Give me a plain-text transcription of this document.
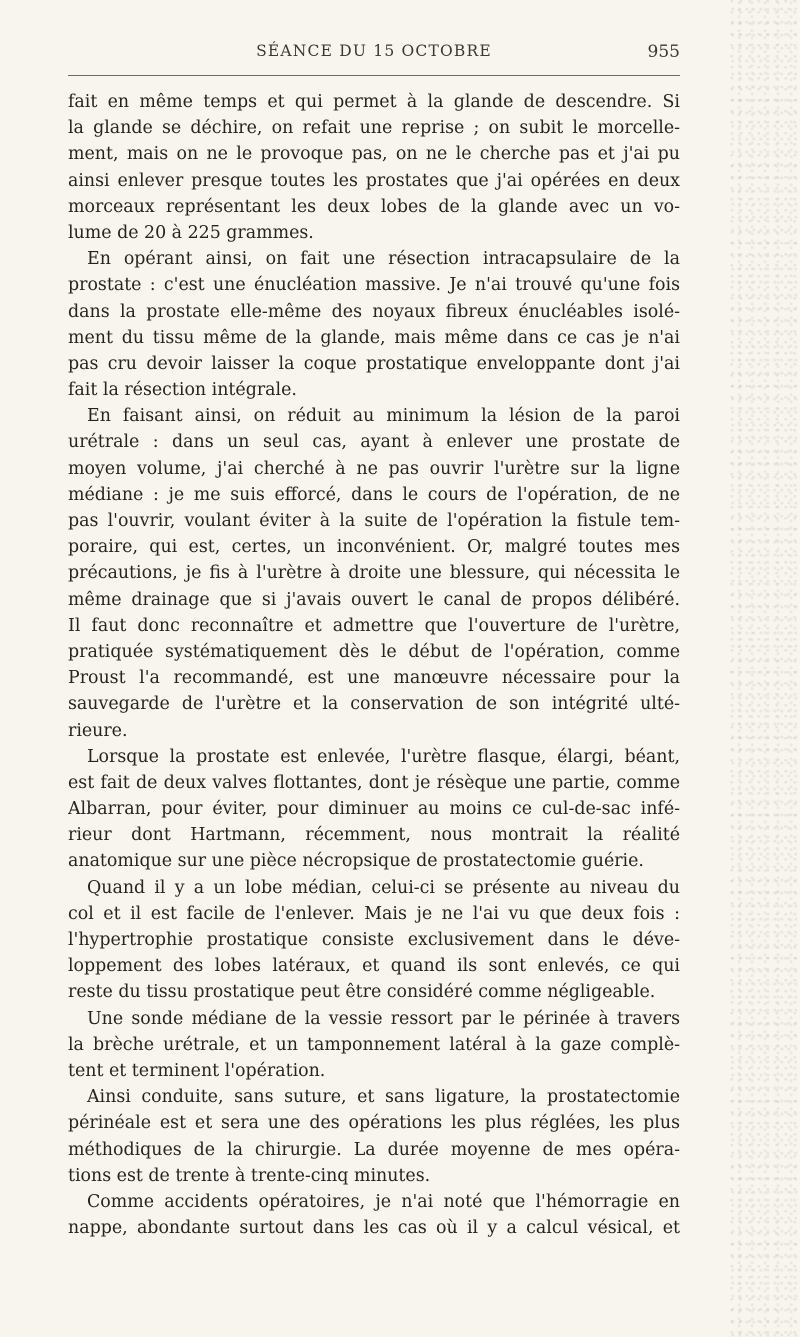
SÉANCE DU 15 OCTOBRE	955
fait en même temps et qui permet à la glande de descendre. Si
la glande se déchire, on refait une reprise ; on subit le morcelle-
ment, mais on ne le provoque pas, on ne le cherche pas et j'ai pu
ainsi enlever presque toutes les prostates que j'ai opérées en deux
morceaux représentant les deux lobes de la glande avec un vo-
lume de 20 à 225 grammes.
En opérant ainsi, on fait une résection intracapsulaire de la
prostate : c'est une énucléation massive. Je n'ai trouvé qu'une fois
dans la prostate elle-même des noyaux fibreux énucléables isolé-
ment du tissu même de la glande, mais même dans ce cas je n'ai
pas cru devoir laisser la coque prostatique enveloppante dont j'ai
fait la résection intégrale.
En faisant ainsi, on réduit au minimum la lésion de la paroi
urétrale : dans un seul cas, ayant à enlever une prostate de
moyen volume, j'ai cherché à ne pas ouvrir l'urètre sur la ligne
médiane : je me suis efforcé, dans le cours de l'opération, de ne
pas l'ouvrir, voulant éviter à la suite de l'opération la fistule tem-
poraire, qui est, certes, un inconvénient. Or, malgré toutes mes
précautions, je fis à l'urètre à droite une blessure, qui nécessita le
même drainage que si j'avais ouvert le canal de propos délibéré.
Il faut donc reconnaître et admettre que l'ouverture de l'urètre,
pratiquée systématiquement dès le début de l'opération, comme
Proust l'a recommandé, est une manœuvre nécessaire pour la
sauvegarde de l'urètre et la conservation de son intégrité ulté-
rieure.
Lorsque la prostate est enlevée, l'urètre flasque, élargi, béant,
est fait de deux valves flottantes, dont je résèque une partie, comme
Albarran, pour éviter, pour diminuer au moins ce cul-de-sac infé-
rieur dont Hartmann, récemment, nous montrait la réalité
anatomique sur une pièce nécropsique de prostatectomie guérie.
Quand il y a un lobe médian, celui-ci se présente au niveau du
col et il est facile de l'enlever. Mais je ne l'ai vu que deux fois :
l'hypertrophie prostatique consiste exclusivement dans le déve-
loppement des lobes latéraux, et quand ils sont enlevés, ce qui
reste du tissu prostatique peut être considéré comme négligeable.
Une sonde médiane de la vessie ressort par le périnée à travers
la brèche urétrale, et un tamponnement latéral à la gaze complè-
tent et terminent l'opération.
Ainsi conduite, sans suture, et sans ligature, la prostatectomie
périnéale est et sera une des opérations les plus réglées, les plus
méthodiques de la chirurgie. La durée moyenne de mes opéra-
tions est de trente à trente-cinq minutes.
Comme accidents opératoires, je n'ai noté que l'hémorragie en
nappe, abondante surtout dans les cas où il y a calcul vésical, et
